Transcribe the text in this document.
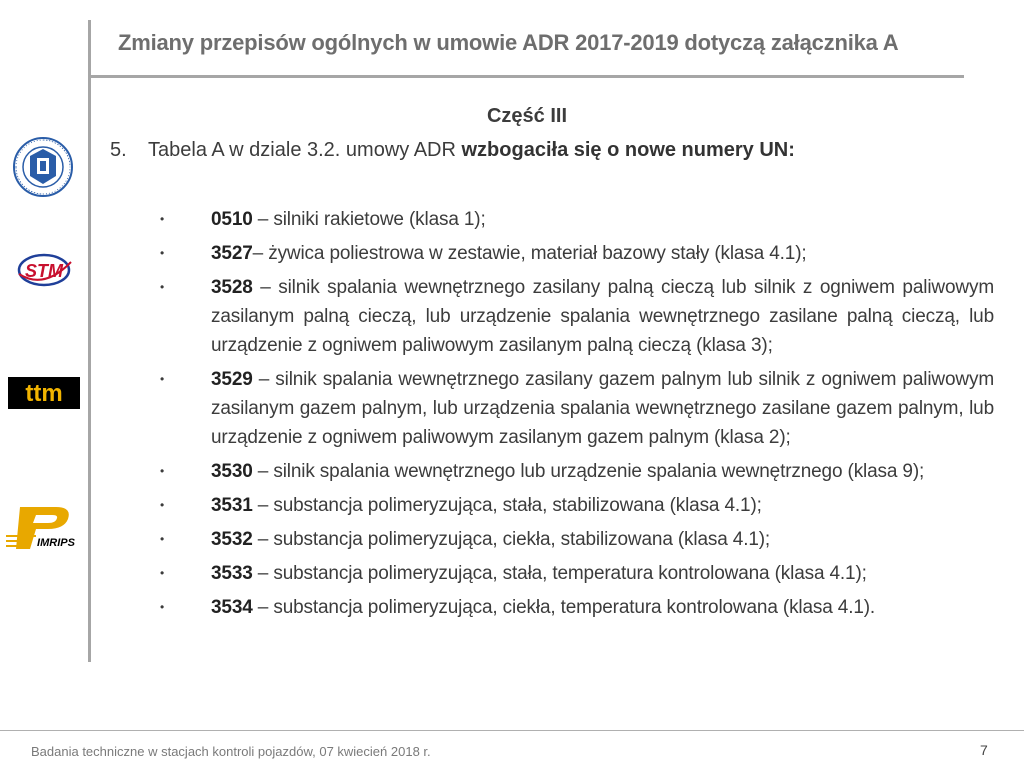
Zmiany przepisów ogólnych w umowie ADR 2017-2019 dotyczą załącznika A
Część III
5. Tabela A w dziale 3.2. umowy ADR wzbogaciła się o nowe numery UN:
•	0510 – silniki rakietowe (klasa 1);
•	3527– żywica poliestrowa w zestawie, materiał bazowy stały (klasa 4.1);
•	3528 – silnik spalania wewnętrznego zasilany palną cieczą lub silnik z ogniwem paliwowym zasilanym palną cieczą, lub urządzenie spalania wewnętrznego zasilane palną cieczą, lub urządzenie z ogniwem paliwowym zasilanym palną cieczą (klasa 3);
•	3529 – silnik spalania wewnętrznego zasilany gazem palnym lub silnik z ogniwem paliwowym zasilanym gazem palnym, lub urządzenia spalania wewnętrznego zasilane gazem palnym, lub urządzenie z ogniwem paliwowym zasilanym gazem palnym (klasa 2);
•	3530 – silnik spalania wewnętrznego lub urządzenie spalania wewnętrznego (klasa 9);
•	3531 – substancja polimeryzująca, stała, stabilizowana (klasa 4.1);
•	3532 – substancja polimeryzująca, ciekła, stabilizowana (klasa 4.1);
•	3533 – substancja polimeryzująca, stała, temperatura kontrolowana (klasa 4.1);
•	3534 – substancja polimeryzująca, ciekła, temperatura kontrolowana (klasa 4.1).
STM
ttm
IMRIPS
Badania techniczne w stacjach kontroli pojazdów, 07 kwiecień 2018 r.	7
